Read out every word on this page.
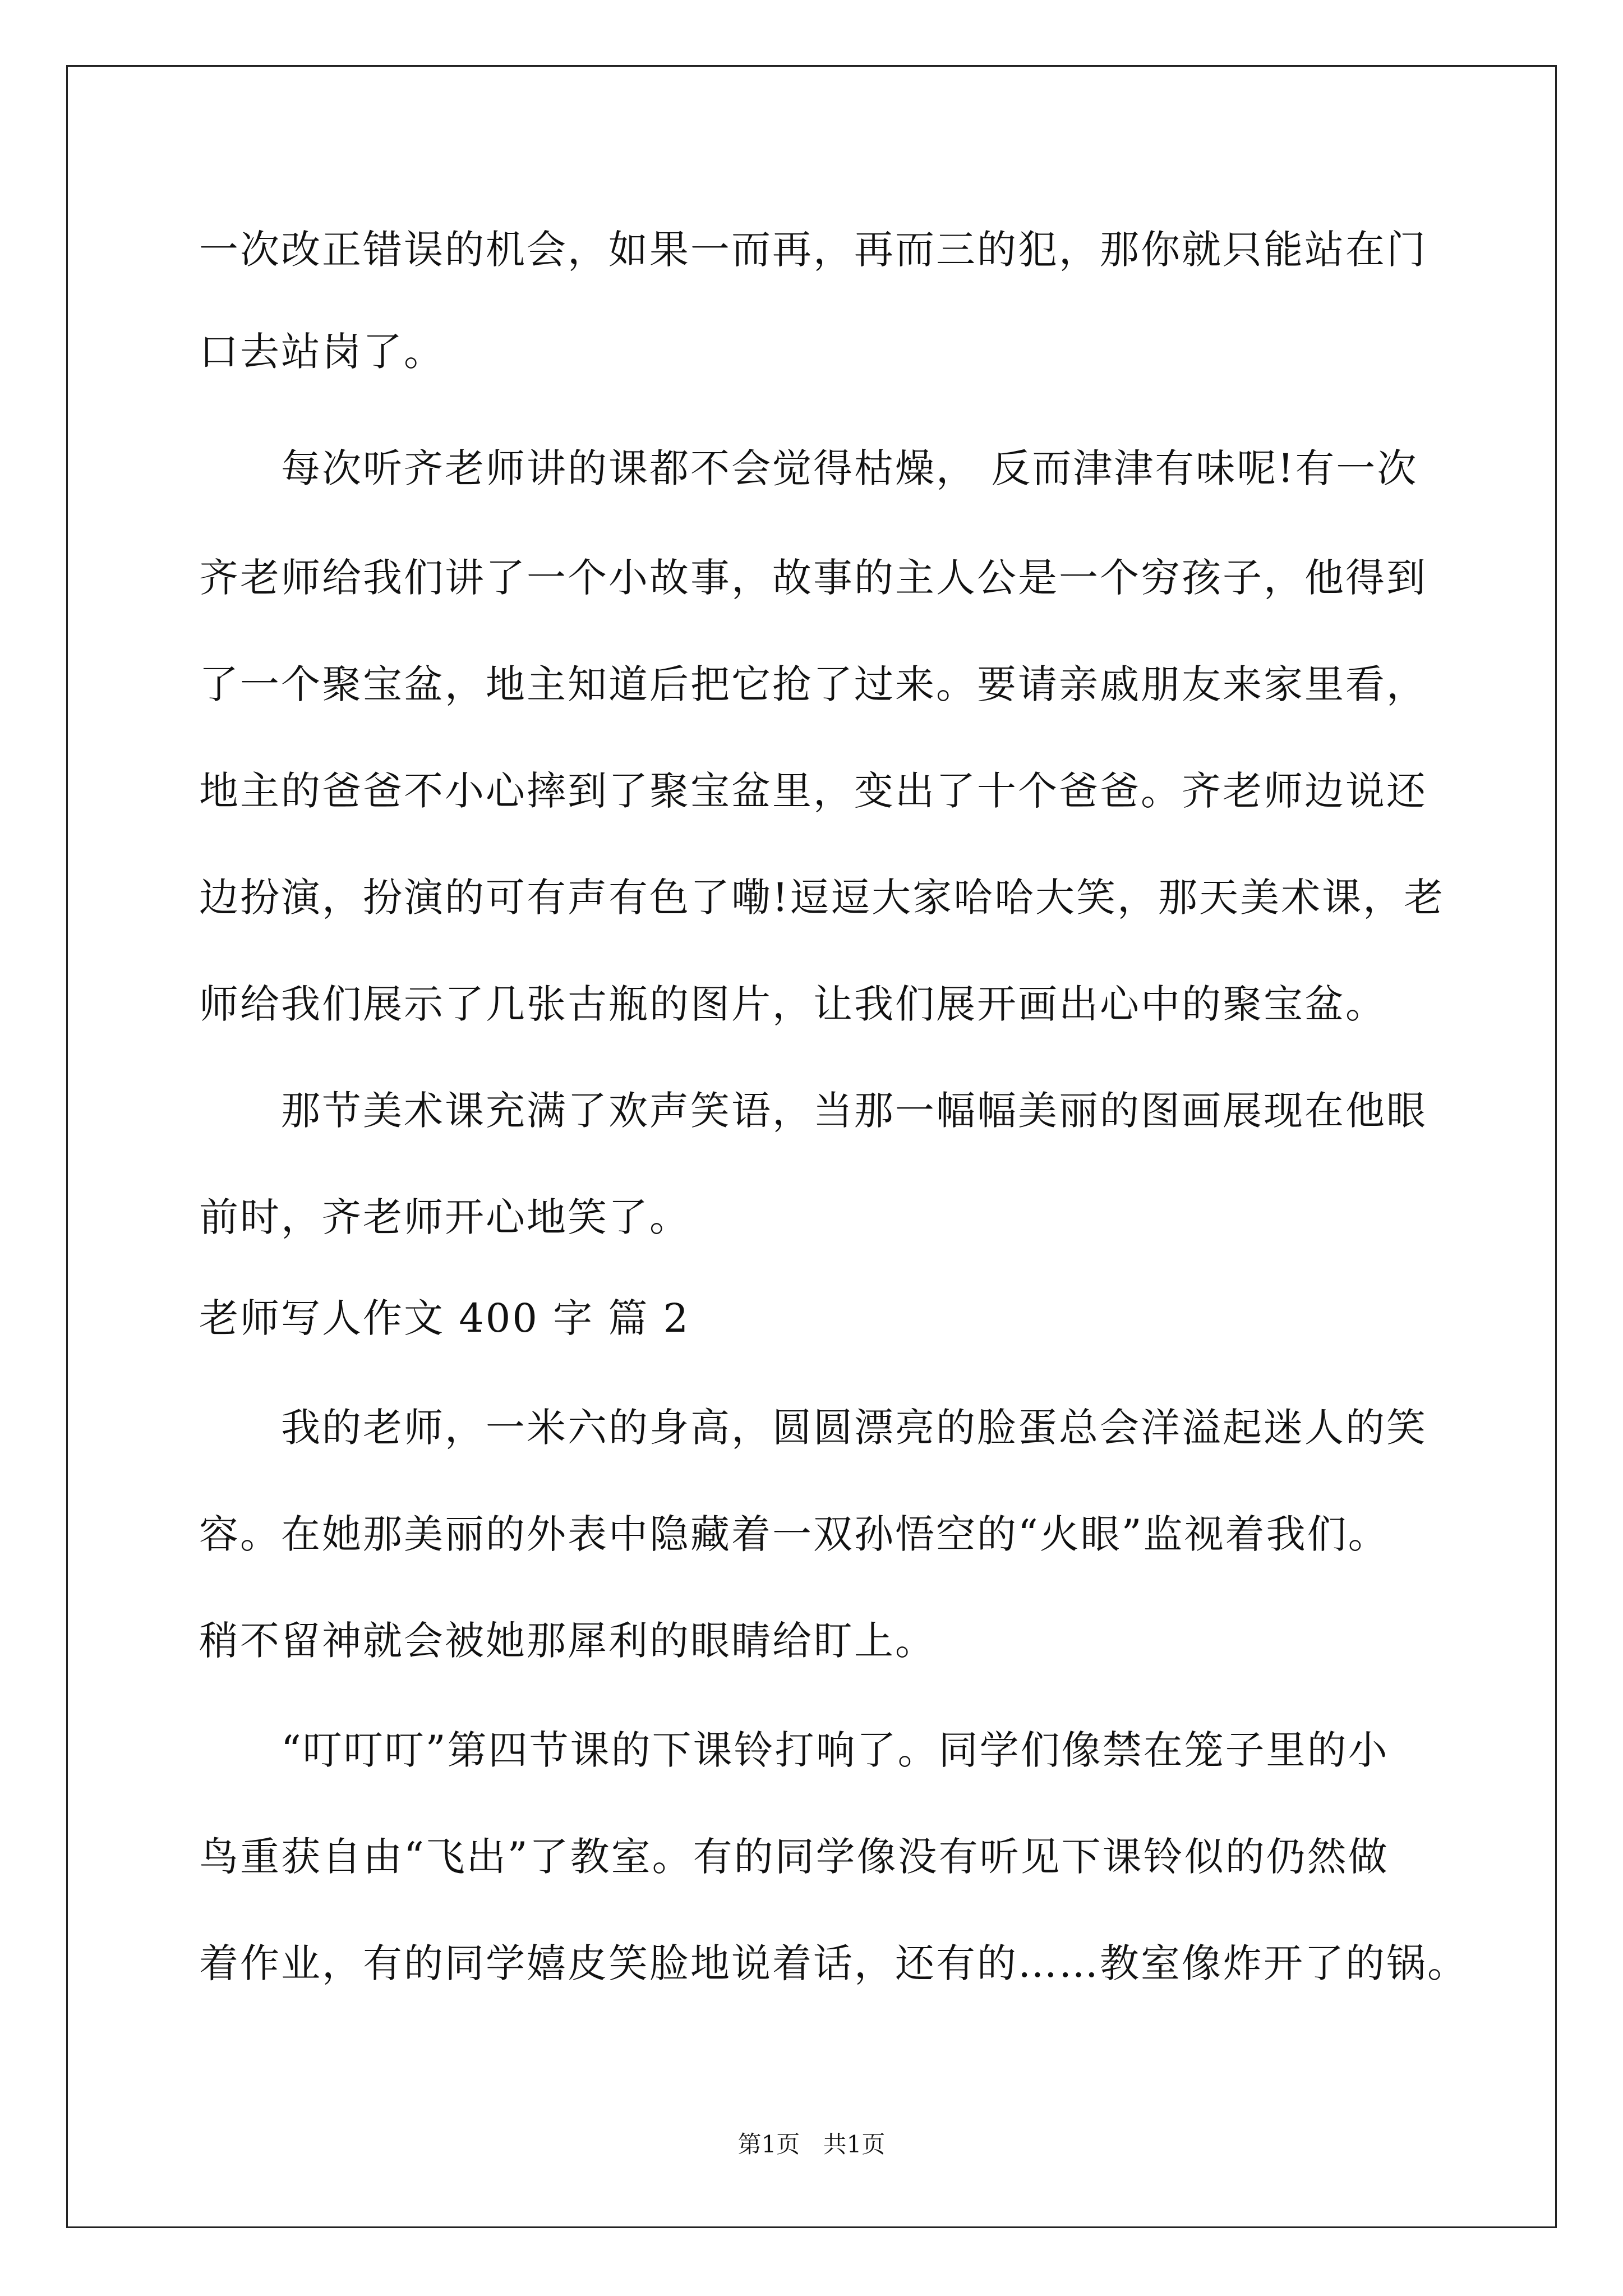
一次改正错误的机会，如果一而再，再而三的犯，那你就只能站在门
口去站岗了。
　　每次听齐老师讲的课都不会觉得枯燥， 反而津津有味呢!有一次
齐老师给我们讲了一个小故事，故事的主人公是一个穷孩子，他得到
了一个聚宝盆，地主知道后把它抢了过来。要请亲戚朋友来家里看，
地主的爸爸不小心摔到了聚宝盆里，变出了十个爸爸。齐老师边说还
边扮演，扮演的可有声有色了嘞!逗逗大家哈哈大笑，那天美术课，老
师给我们展示了几张古瓶的图片，让我们展开画出心中的聚宝盆。
　　那节美术课充满了欢声笑语，当那一幅幅美丽的图画展现在他眼
前时，齐老师开心地笑了。
老师写人作文 400 字 篇 2
　　我的老师，一米六的身高，圆圆漂亮的脸蛋总会洋溢起迷人的笑
容。在她那美丽的外表中隐藏着一双孙悟空的“火眼”监视着我们。
稍不留神就会被她那犀利的眼睛给盯上。
　　“叮叮叮”第四节课的下课铃打响了。同学们像禁在笼子里的小
鸟重获自由“飞出”了教室。有的同学像没有听见下课铃似的仍然做
着作业，有的同学嬉皮笑脸地说着话，还有的……教室像炸开了的锅。
第1页 共1页
